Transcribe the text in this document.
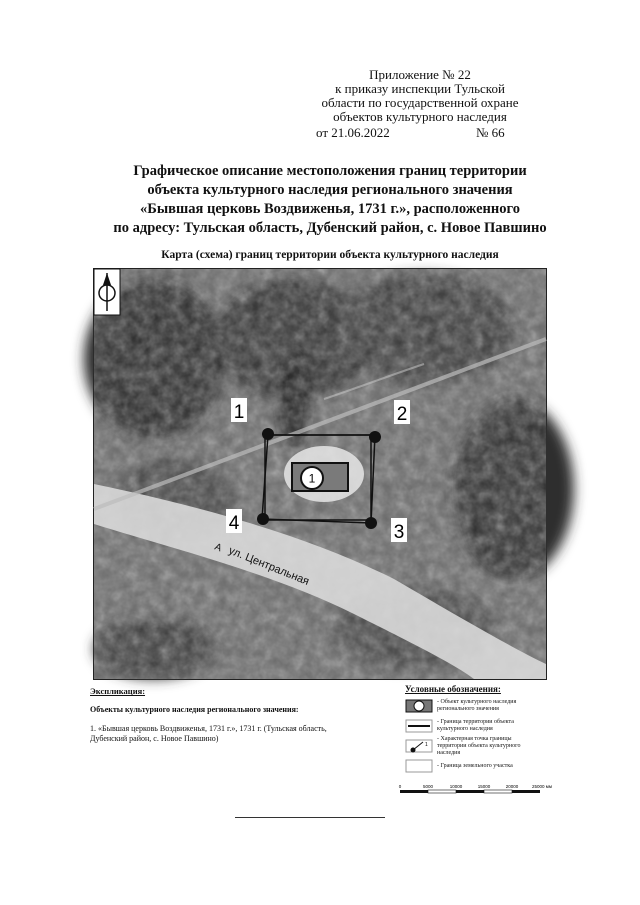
Приложение № 22
к приказу инспекции Тульской
области по государственной охране
объектов культурного наследия
от 21.06.2022	№ 66
Графическое описание местоположения границ территории
объекта культурного наследия регионального значения
«Бывшая церковь Воздвиженья, 1731 г.», расположенного
по адресу: Тульская область, Дубенский район, с. Новое Павшино
Карта (схема) границ территории объекта культурного наследия
1
1	2
3
4
А ул. Центральная
Экспликация:
Объекты культурного наследия регионального значения:
1. «Бывшая церковь Воздвиженья, 1731 г.», 1731 г. (Тульская область,
Дубенский район, с. Новое Павшино)
Условные обозначения:
- Объект культурного наследия
регионального значения
- Граница территории объекта
культурного наследия
1
- Характерная точка границы
территории объекта культурного
наследия
- Граница земельного участка
0	5000	10000	15000	20000	25000 мм
